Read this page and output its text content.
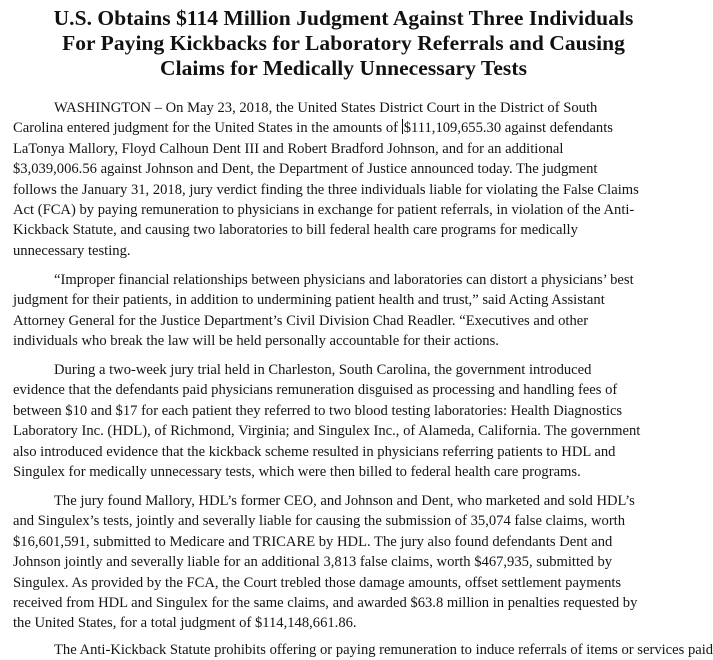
U.S. Obtains $114 Million Judgment Against Three Individuals
For Paying Kickbacks for Laboratory Referrals and Causing
Claims for Medically Unnecessary Tests
WASHINGTON – On May 23, 2018, the United States District Court in the District of South
Carolina entered judgment for the United States in the amounts of $111,109,655.30 against defendants
LaTonya Mallory, Floyd Calhoun Dent III and Robert Bradford Johnson, and for an additional
$3,039,006.56 against Johnson and Dent, the Department of Justice announced today. The judgment
follows the January 31, 2018, jury verdict finding the three individuals liable for violating the False Claims
Act (FCA) by paying remuneration to physicians in exchange for patient referrals, in violation of the Anti-
Kickback Statute, and causing two laboratories to bill federal health care programs for medically
unnecessary testing.
“Improper financial relationships between physicians and laboratories can distort a physicians’ best
judgment for their patients, in addition to undermining patient health and trust,” said Acting Assistant
Attorney General for the Justice Department’s Civil Division Chad Readler. “Executives and other
individuals who break the law will be held personally accountable for their actions.
During a two-week jury trial held in Charleston, South Carolina, the government introduced
evidence that the defendants paid physicians remuneration disguised as processing and handling fees of
between $10 and $17 for each patient they referred to two blood testing laboratories: Health Diagnostics
Laboratory Inc. (HDL), of Richmond, Virginia; and Singulex Inc., of Alameda, California. The government
also introduced evidence that the kickback scheme resulted in physicians referring patients to HDL and
Singulex for medically unnecessary tests, which were then billed to federal health care programs.
The jury found Mallory, HDL’s former CEO, and Johnson and Dent, who marketed and sold HDL’s
and Singulex’s tests, jointly and severally liable for causing the submission of 35,074 false claims, worth
$16,601,591, submitted to Medicare and TRICARE by HDL. The jury also found defendants Dent and
Johnson jointly and severally liable for an additional 3,813 false claims, worth $467,935, submitted by
Singulex. As provided by the FCA, the Court trebled those damage amounts, offset settlement payments
received from HDL and Singulex for the same claims, and awarded $63.8 million in penalties requested by
the United States, for a total judgment of $114,148,661.86.
The Anti-Kickback Statute prohibits offering or paying remuneration to induce referrals of items or services paid
